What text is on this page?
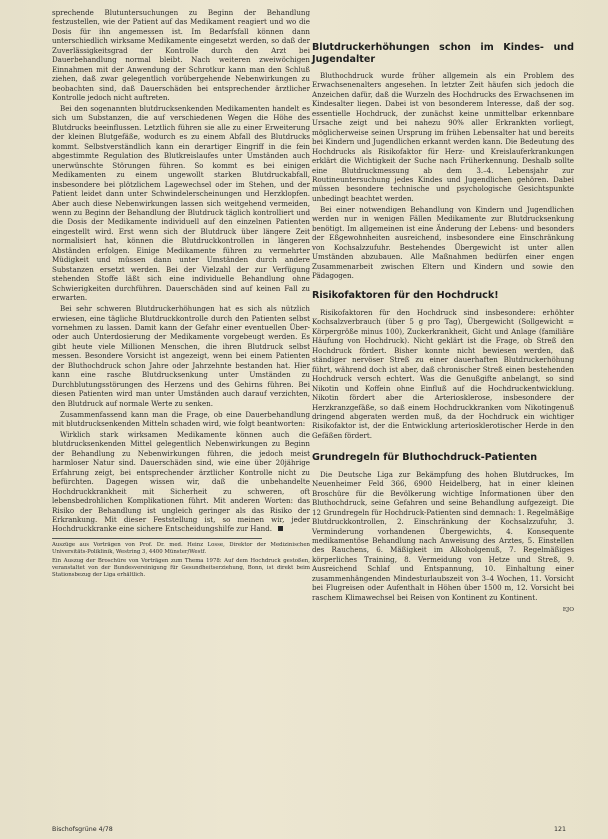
sprechende Blutuntersuchungen zu Beginn der Behandlung festzustellen, wie der Patient auf das Medikament reagiert und wo die Dosis für ihn angemessen ist. Im Bedarfsfall können dann unterschiedlich wirksame Medikamente eingesetzt werden, so daß der Zuverlässigkeitsgrad der Kontrolle durch den Arzt bei Dauerbehandlung normal bleibt. Nach weiteren zweiwöchigen Einnahmen mit der Anwendung der Schrotkur kann man den Schluß ziehen, daß zwar gelegentlich vorübergehende Nebenwirkungen zu beobachten sind, daß Dauerschäden bei entsprechender ärztlicher Kontrolle jedoch nicht auftreten.

Bei den sogenannten blutdrucksenkenden Medikamenten handelt es sich um Substanzen, die auf verschiedenen Wegen die Höhe des Blutdrucks beeinflussen. Letztlich führen sie alle zu einer Erweiterung der kleinen Blutgefäße, wodurch es zu einem Abfall des Blutdrucks kommt. Selbstverständlich kann ein derartiger Eingriff in die fein abgestimmte Regulation des Blutkreislaufes unter Umständen auch unerwünschte Störungen führen. So kommt es bei einigen Medikamenten zu einem ungewollt starken Blutdruckabfall, insbesondere bei plötzlichem Lagewechsel oder im Stehen, und der Patient leidet dann unter Schwindelerscheinungen und Herzklopfen. Aber auch diese Nebenwirkungen lassen sich weitgehend vermeiden, wenn zu Beginn der Behandlung der Blutdruck täglich kontrolliert und die Dosis der Medikamente individuell auf den einzelnen Patienten eingestellt wird. Erst wenn sich der Blutdruck über längere Zeit normalisiert hat, können die Blutdruckkontrollen in längeren Abständen erfolgen. Einige Medikamente führen zu vermehrter Müdigkeit und müssen dann unter Umständen durch andere Substanzen ersetzt werden. Bei der Vielzahl der zur Verfügung stehenden Stoffe läßt sich eine individuelle Behandlung ohne Schwierigkeiten durchführen. Dauerschäden sind auf keinen Fall zu erwarten.

Bei sehr schweren Blutdruckerhöhungen hat es sich als nützlich erwiesen, eine tägliche Blutdruckkontrolle durch den Patienten selbst vornehmen zu lassen. Damit kann der Gefahr einer eventuellen Über- oder auch Unterdosierung der Medikamente vorgebeugt werden. Es gibt heute viele Millionen Menschen, die ihren Blutdruck selbst messen. Besondere Vorsicht ist angezeigt, wenn bei einem Patienten der Bluthochdruck schon Jahre oder Jahrzehnte bestanden hat. Hier kann eine rasche Blutdrucksenkung unter Umständen zu Durchblutungsstörungen des Herzens und des Gehirns führen. Bei diesen Patienten wird man unter Umständen auch darauf verzichten, den Blutdruck auf normale Werte zu senken.

Zusammenfassend kann man die Frage, ob eine Dauerbehandlung mit blutdrucksenkenden Mitteln schaden wird, wie folgt beantworten:

Wirklich stark wirksamen Medikamente können auch die blutdrucksenkenden Mittel gelegentlich Nebenwirkungen zu Beginn der Behandlung zu Nebenwirkungen führen, die jedoch meist harmloser Natur sind. Dauerschäden sind, wie eine über 20jährige Erfahrung zeigt, bei entsprechender ärztlicher Kontrolle nicht zu befürchten. Dagegen wissen wir, daß die unbehandelte Hochdruckkrankheit mit Sicherheit zu schweren, oft lebensbedrohlichen Komplikationen führt. Mit anderen Worten: das Risiko der Behandlung ist ungleich geringer als das Risiko der Erkrankung. Mit dieser Feststellung ist, so meinen wir, jeder Hochdruckkranke eine sichere Entscheidungshilfe zur Hand.

Auszüge aus Vorträgen von Prof. Dr. med. Heinz Losse, Direktor der Medizinischen Universitäts-Poliklinik, Westring 3, 4400 Münster/Westf.

Ein Auszug der Broschüre von Vorträgen zum Thema 1978: Auf dem Hochdruck gestoßen, veranstaltet von der Bundesvereinigung für Gesundheitserziehung, Bonn, ist direkt beim Stationsbezug der Liga erhältlich.

Blutdruckerhöhungen schon im Kindes- und Jugendalter

Bluthochdruck wurde früher allgemein als ein Problem des Erwachsenenalters angesehen. In letzter Zeit häufen sich jedoch die Anzeichen dafür, daß die Wurzeln des Hochdrucks des Erwachsenen im Kindesalter liegen. Dabei ist von besonderem Interesse, daß der sog. essentielle Hochdruck, der zunächst keine unmittelbar erkennbare Ursache zeigt und bei nahezu 90% aller Erkrankten vorliegt, möglicherweise seinen Ursprung im frühen Lebensalter hat und bereits bei Kindern und Jugendlichen erkannt werden kann. Die Bedeutung des Hochdrucks als Risikofaktor für Herz- und Kreislauferkrankungen erklärt die Wichtigkeit der Suche nach Früherkennung. Deshalb sollte eine Blutdruckmessung ab dem 3.–4. Lebensjahr zur Routineuntersuchung jedes Kindes und Jugendlichen gehören. Dabei müssen besondere technische und psychologische Gesichtspunkte unbedingt beachtet werden.

Bei einer notwendigen Behandlung von Kindern und Jugendlichen werden nur in wenigen Fällen Medikamente zur Blutdrucksenkung benötigt. Im allgemeinen ist eine Änderung der Lebens- und besonders der Eßgewohnheiten ausreichend, insbesondere eine Einschränkung von Kochsalzzufuhr. Bestehendes Übergewicht ist unter allen Umständen abzubauen. Alle Maßnahmen bedürfen einer engen Zusammenarbeit zwischen Eltern und Kindern und sowie den Pädagogen.

Risikofaktoren für den Hochdruck!

Risikofaktoren für den Hochdruck sind insbesondere: erhöhter Kochsalzverbrauch (über 5 g pro Tag), Übergewicht (Sollgewicht = Körpergröße minus 100), Zuckerkrankheit, Gicht und Anlage (familiäre Häufung von Hochdruck). Nicht geklärt ist die Frage, ob Streß den Hochdruck fördert. Bisher konnte nicht bewiesen werden, daß ständiger nervöser Streß zu einer dauerhaften Blutdruckerhöhung führt, während doch ist aber, daß chronischer Streß einen bestehenden Hochdruck versch echtert. Was die Genußgifte anbelangt, so sind Nikotin und Koffein ohne Einfluß auf die Hochdruckentwicklung. Nikotin fördert aber die Arteriosklerose, insbesondere der Herzkranzgefäße, so daß einem Hochdruckkranken vom Nikotingenuß dringend abgeraten werden muß, da der Hochdruck ein wichtiger Risikofaktor ist, der die Entwicklung arteriosklerotischer Herde in den Gefäßen fördert.

Grundregeln für Bluthochdruck-Patienten

Die Deutsche Liga zur Bekämpfung des hohen Blutdruckes, Im Neuenheimer Feld 366, 6900 Heidelberg, hat in einer kleinen Broschüre für die Bevölkerung wichtige Informationen über den Bluthochdruck, seine Gefahren und seine Behandlung aufgezeigt. Die 12 Grundregeln für Hochdruck-Patienten sind demnach: 1. Regelmäßige Blutdruckkontrollen, 2. Einschränkung der Kochsalzzufuhr, 3. Verminderung vorhandenen Übergewichts, 4. Konsequente medikamentöse Behandlung nach Anweisung des Arztes, 5. Einstellen des Rauchens, 6. Mäßigkeit im Alkoholgenuß, 7. Regelmäßiges körperliches Training, 8. Vermeidung von Hetze und Streß, 9. Ausreichend Schlaf und Entspannung, 10. Einhaltung einer zusammenhängenden Mindesturlaubszeit von 3–4 Wochen, 11. Vorsicht bei Flugreisen oder Aufenthalt in Höhen über 1500 m, 12. Vorsicht bei raschem Klimawechsel bei Reisen von Kontinent zu Kontinent.

EJO

Bischofsgrüne 4/78	121
